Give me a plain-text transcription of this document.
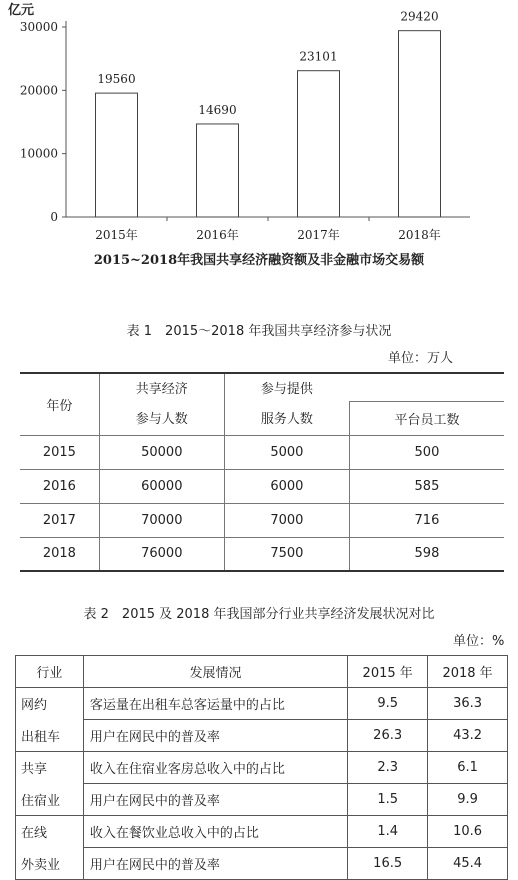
亿元
0
10000
20000
30000
19560
2015年
14690
2016年
23101
2017年
29420
2018年
2015~2018年我国共享经济融资额及非金融市场交易额
表 1　2015～2018 年我国共享经济参与状况
单位：万人
年份	共享经济	参与提供	
	参与人数	服务人数	平台员工数
2015	50000	5000	500
2016	60000	6000	585
2017	70000	7000	716
2018	76000	7500	598
表 2　2015 及 2018 年我国部分行业共享经济发展状况对比
单位：%
行业	发展情况	2015 年	2018 年
网约	客运量在出租车总客运量中的占比	9.5	36.3
出租车	用户在网民中的普及率	26.3	43.2
共享	收入在住宿业客房总收入中的占比	2.3	6.1
住宿业	用户在网民中的普及率	1.5	9.9
在线	收入在餐饮业总收入中的占比	1.4	10.6
外卖业	用户在网民中的普及率	16.5	45.4
